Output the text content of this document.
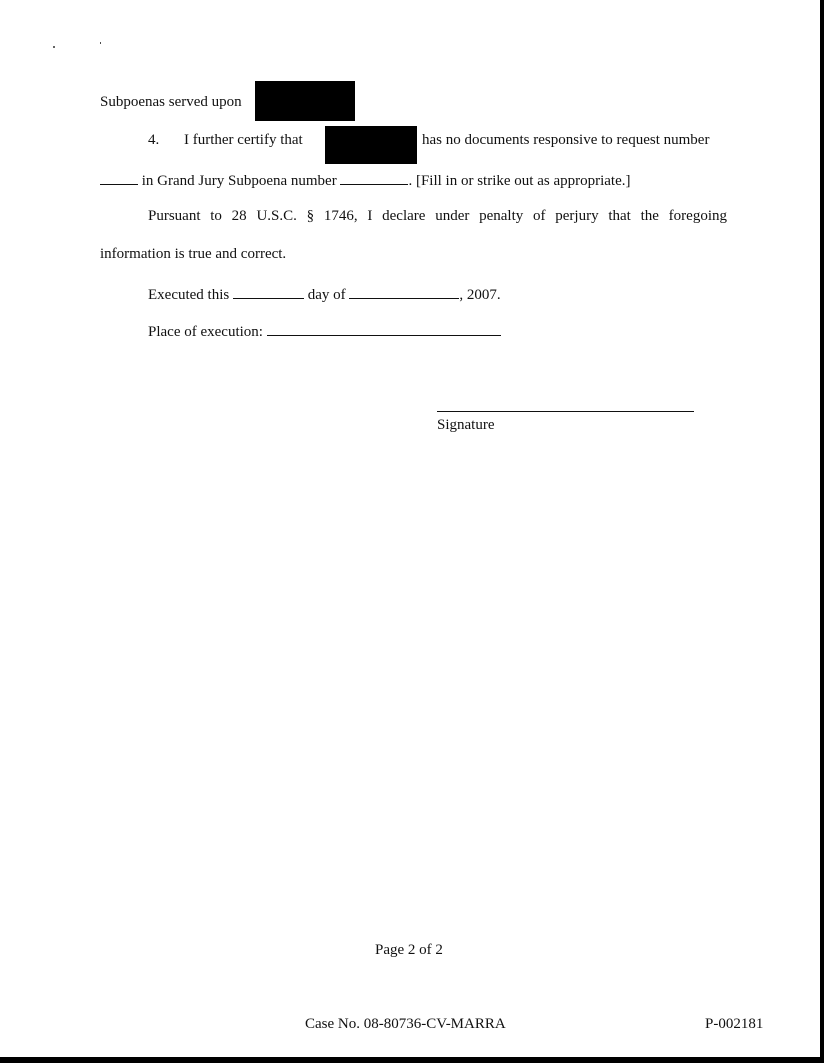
Subpoenas served upon
4. I further certify that	has no documents responsive to request number
in Grand Jury Subpoena number	. [Fill in or strike out as appropriate.]
Pursuant to 28 U.S.C. § 1746, I declare under penalty of perjury that the foregoing
information is true and correct.
Executed this	day of	, 2007.
Place of execution:
Signature
Page 2 of 2
Case No. 08-80736-CV-MARRA	P-002181
